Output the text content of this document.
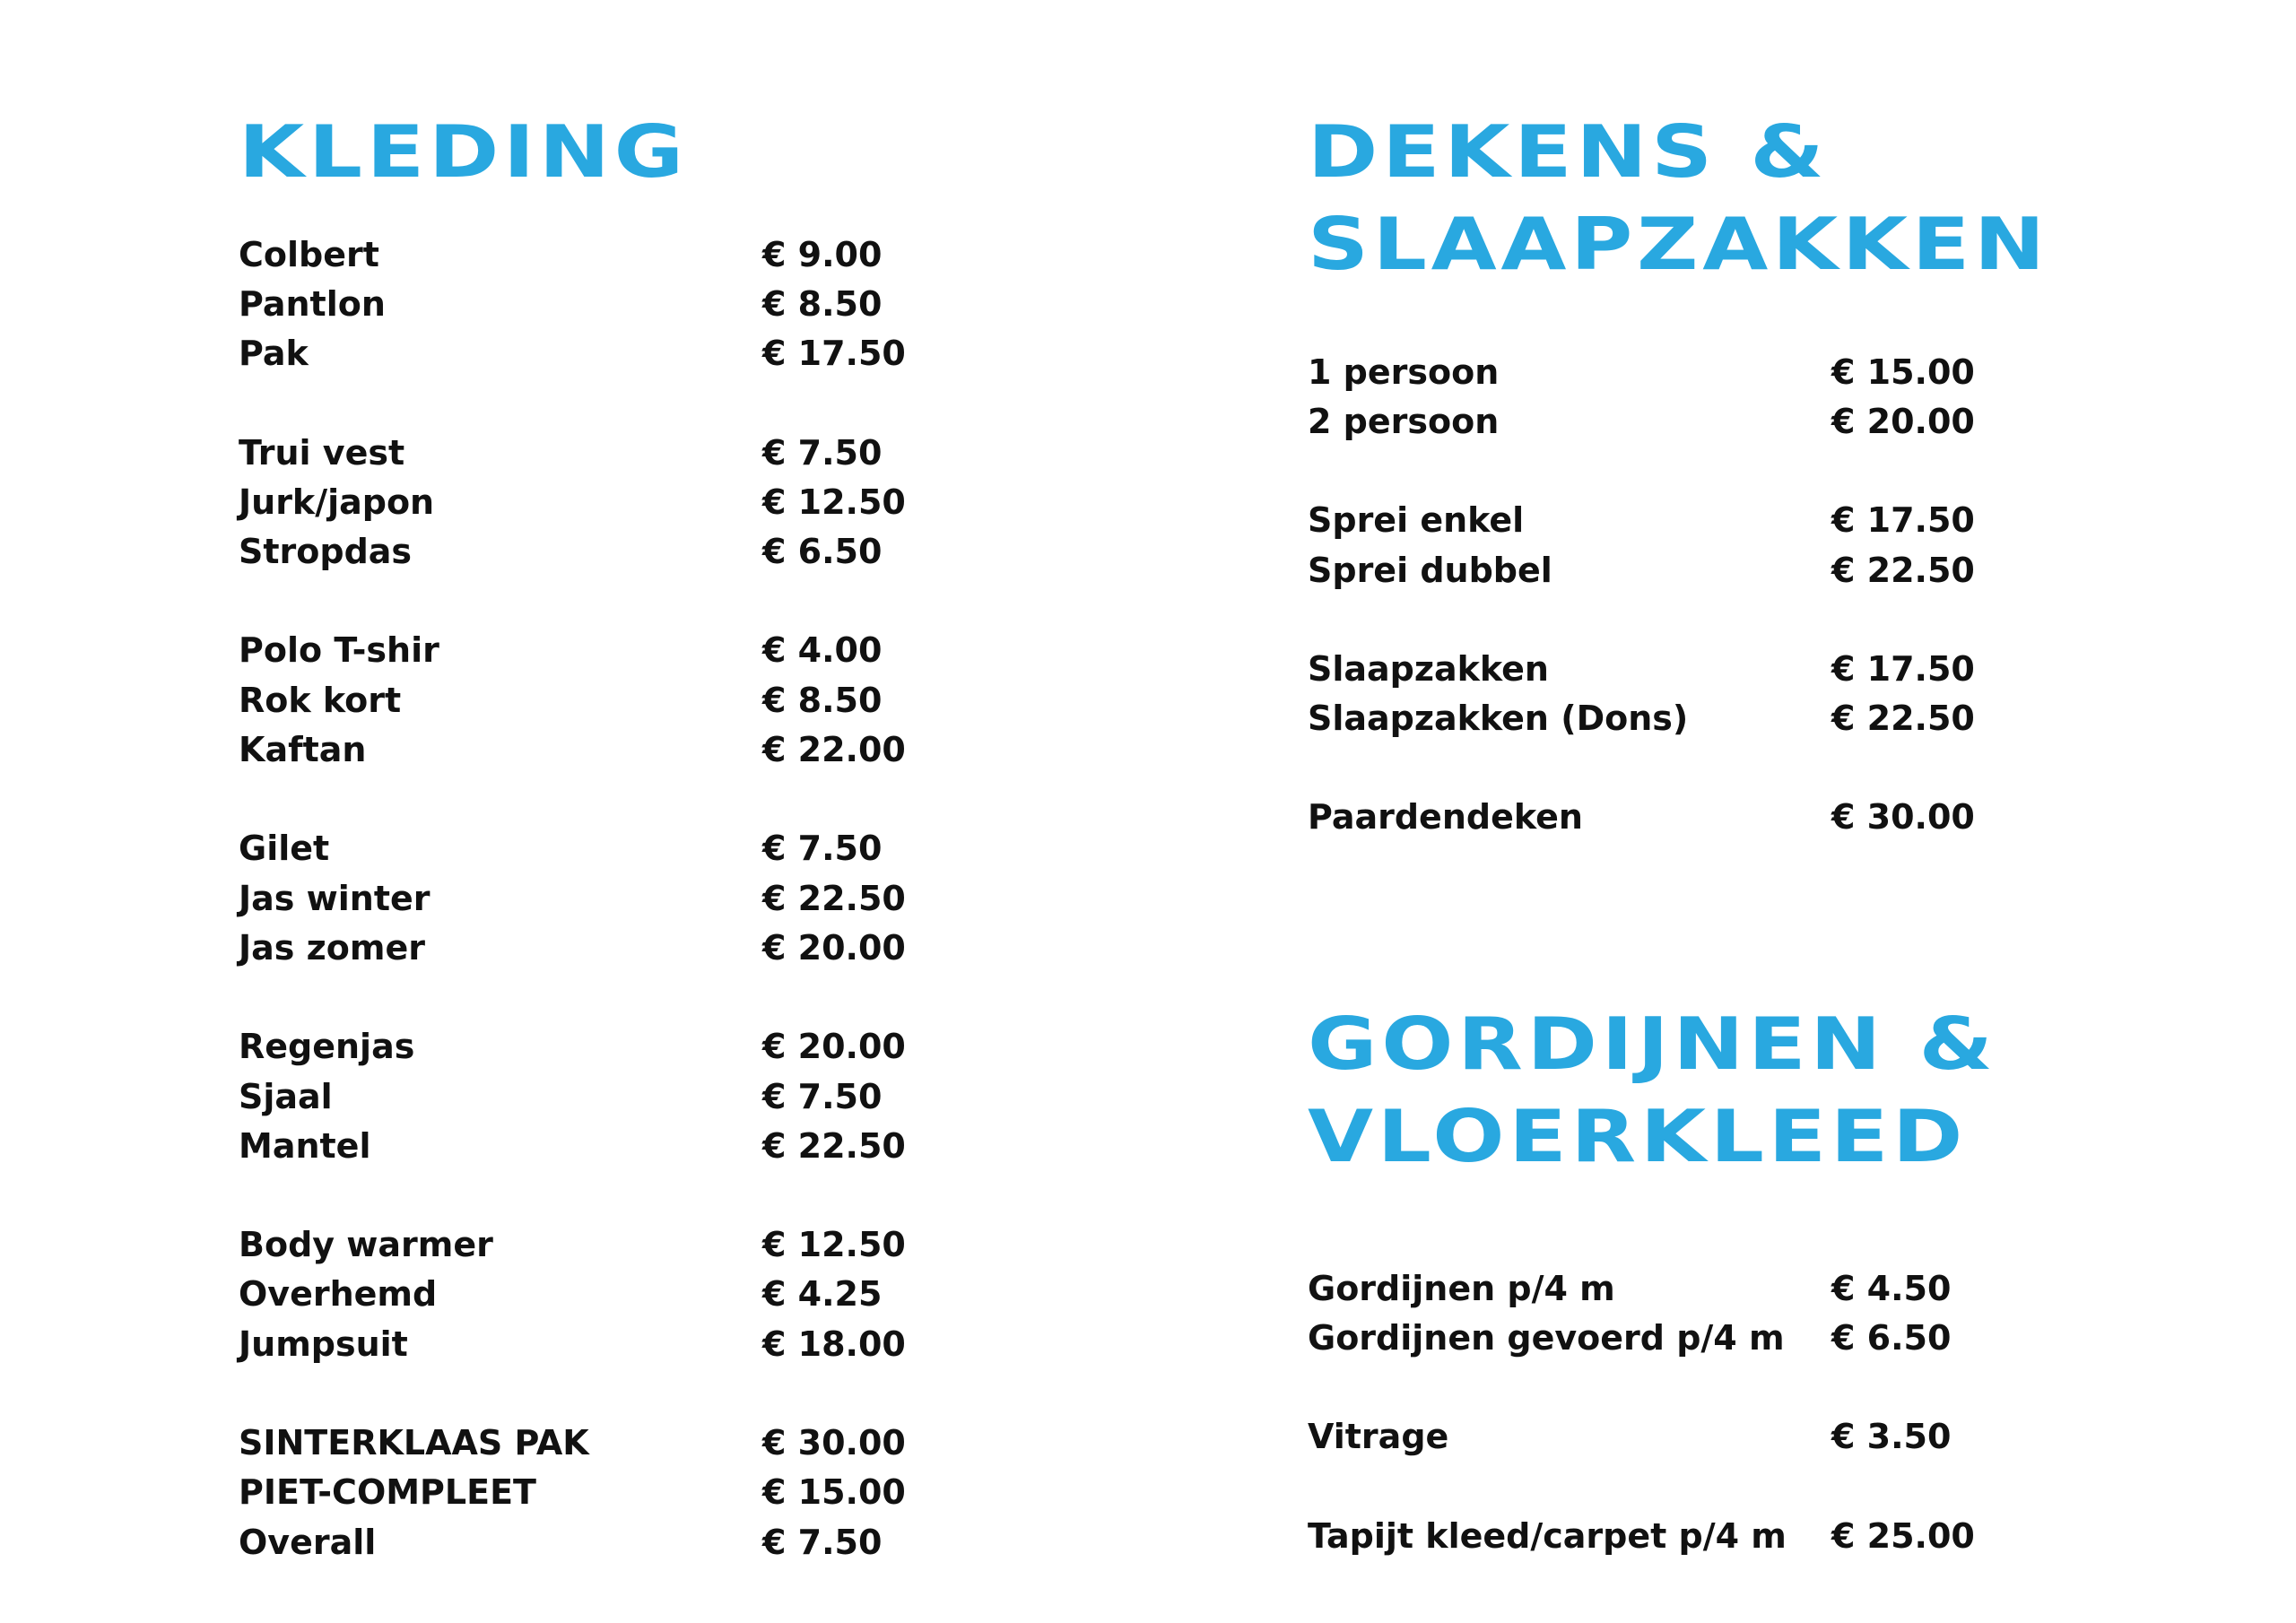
KLEDING
Colbert	€ 9.00
Pantlon	€ 8.50
Pak	€ 17.50
Trui vest	€ 7.50
Jurk/japon	€ 12.50
Stropdas	€ 6.50
Polo T-shir	€ 4.00
Rok kort	€ 8.50
Kaftan	€ 22.00
Gilet	€ 7.50
Jas winter	€ 22.50
Jas zomer	€ 20.00
Regenjas	€ 20.00
Sjaal	€ 7.50
Mantel	€ 22.50
Body warmer	€ 12.50
Overhemd	€ 4.25
Jumpsuit	€ 18.00
SINTERKLAAS PAK	€ 30.00
PIET-COMPLEET	€ 15.00
Overall	€ 7.50
DEKENS &
SLAAPZAKKEN
1 persoon	€ 15.00
2 persoon	€ 20.00
Sprei enkel	€ 17.50
Sprei dubbel	€ 22.50
Slaapzakken	€ 17.50
Slaapzakken (Dons)	€ 22.50
Paardendeken	€ 30.00
GORDIJNEN &
VLOERKLEED
Gordijnen p/4 m	€ 4.50
Gordijnen gevoerd p/4 m € 6.50
Vitrage	€ 3.50
Tapijt kleed/carpet p/4 m € 25.00
